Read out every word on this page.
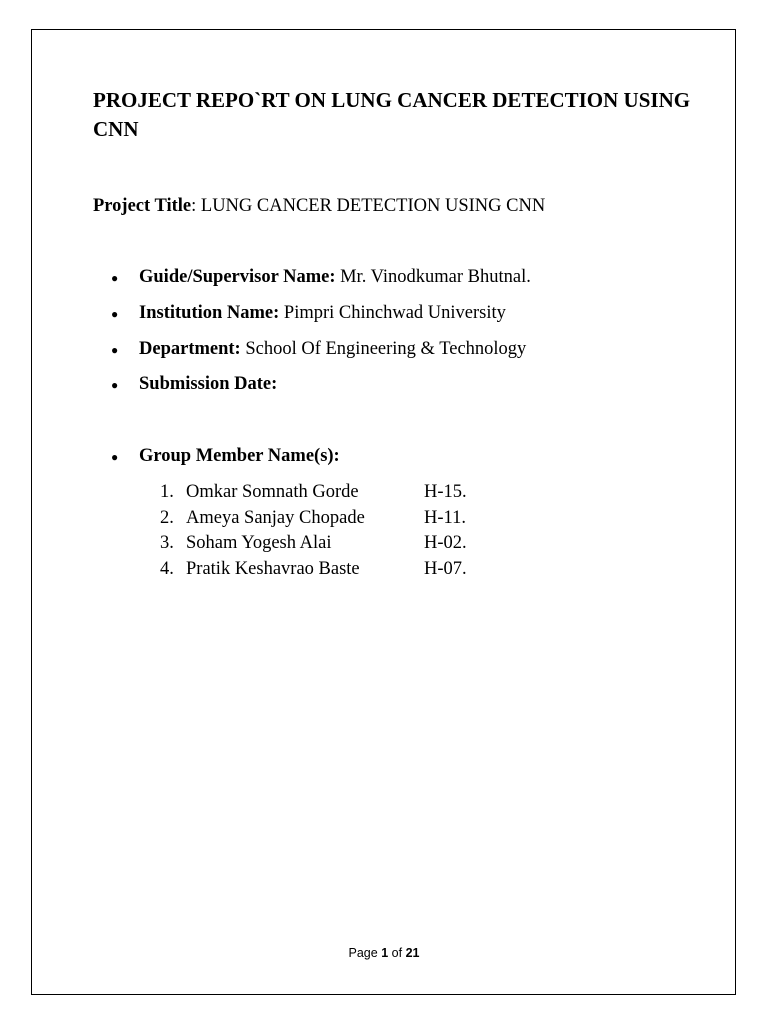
PROJECT REPO`RT ON LUNG CANCER DETECTION USING CNN
Project Title: LUNG CANCER DETECTION USING CNN
● Guide/Supervisor Name: Mr. Vinodkumar Bhutnal.
● Institution Name: Pimpri Chinchwad University
● Department: School Of Engineering & Technology
● Submission Date:
● Group Member Name(s):
1. Omkar Somnath Gorde	H-15.
2. Ameya Sanjay Chopade	H-11.
3. Soham Yogesh Alai	H-02.
4. Pratik Keshavrao Baste	H-07.
Page 1 of 21
